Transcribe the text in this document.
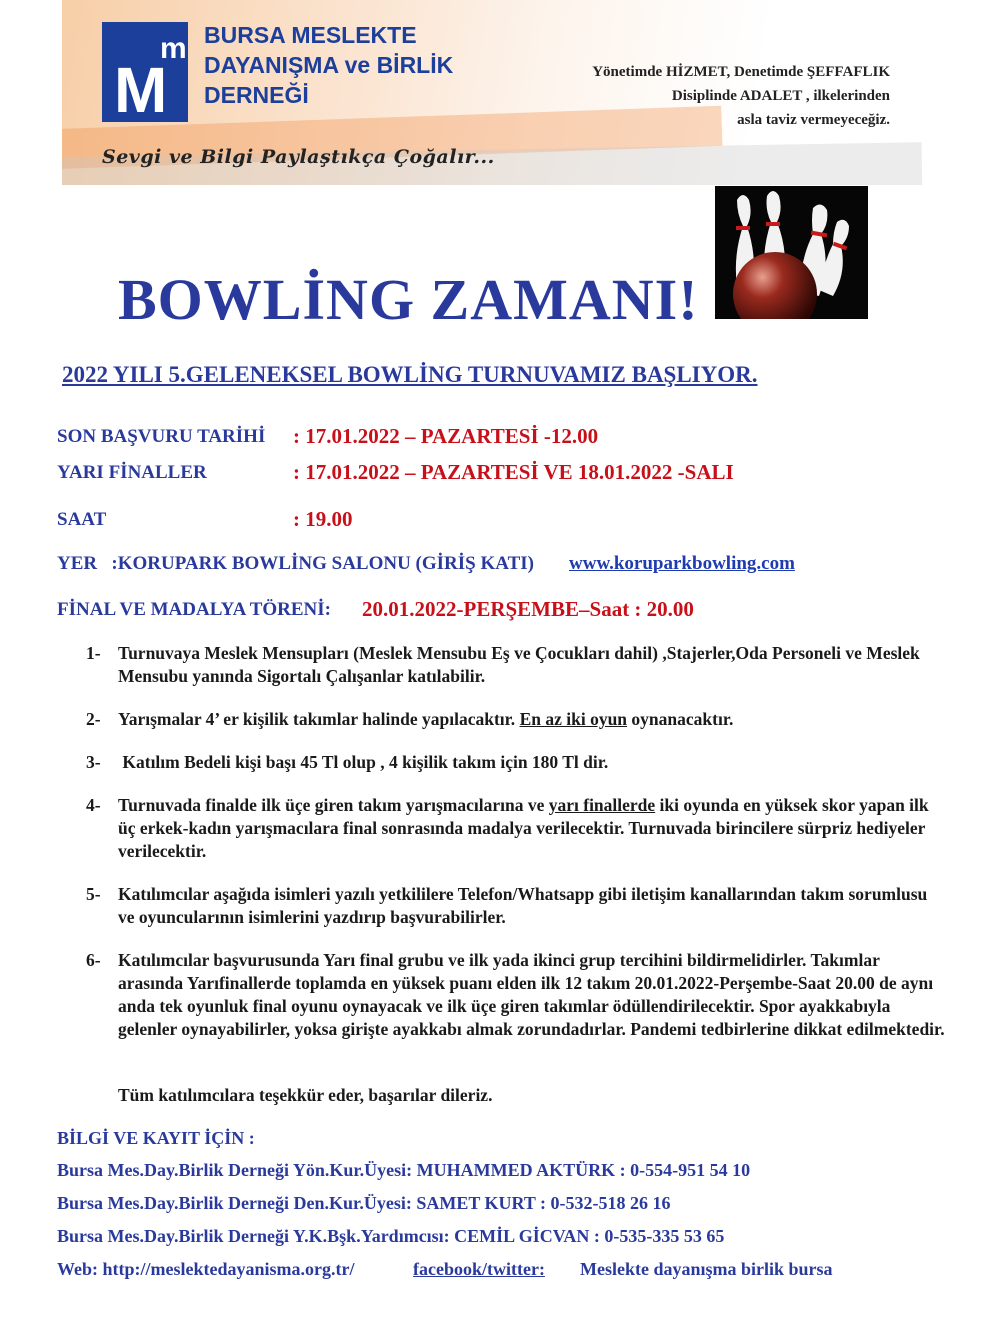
M
m BURSA MESLEKTE
DAYANIŞMA ve BİRLİK
DERNEĞİ
Yönetimde HİZMET, Denetimde ŞEFFAFLIK
Disiplinde ADALET , ilkelerinden
asla taviz vermeyeceğiz.
Sevgi ve Bilgi Paylaştıkça Çoğalır...
BOWLİNG ZAMANI!
2022 YILI 5.GELENEKSEL BOWLİNG TURNUVAMIZ BAŞLIYOR.
SON BAŞVURU TARİHİ : 17.01.2022 – PAZARTESİ -12.00
YARI FİNALLER	: 17.01.2022 – PAZARTESİ VE 18.01.2022 -SALI
SAAT	: 19.00
YER   :KORUPARK BOWLİNG SALONU (GİRİŞ KATI) www.koruparkbowling.com
FİNAL VE MADALYA TÖRENİ: 20.01.2022-PERŞEMBE–Saat : 20.00
1- Turnuvaya Meslek Mensupları (Meslek Mensubu Eş ve Çocukları dahil) ,Stajerler,Oda Personeli ve Meslek Mensubu yanında Sigortalı Çalışanlar katılabilir.
2- Yarışmalar 4’ er kişilik takımlar halinde yapılacaktır. En az iki oyun oynanacaktır.
3- Katılım Bedeli kişi başı 45 Tl olup , 4 kişilik takım için 180 Tl dir.
4- Turnuvada finalde ilk üçe giren takım yarışmacılarına ve yarı finallerde iki oyunda en yüksek skor yapan ilk üç erkek-kadın yarışmacılara final sonrasında madalya verilecektir. Turnuvada birincilere sürpriz hediyeler verilecektir.
5- Katılımcılar aşağıda isimleri yazılı yetkililere Telefon/Whatsapp gibi iletişim kanallarından takım sorumlusu ve oyuncularının isimlerini yazdırıp başvurabilirler.
6- Katılımcılar başvurusunda Yarı final grubu ve ilk yada ikinci grup tercihini bildirmelidirler. Takımlar arasında Yarıfinallerde toplamda en yüksek puanı elden ilk 12 takım 20.01.2022-Perşembe-Saat 20.00 de aynı anda tek oyunluk final oyunu oynayacak ve ilk üçe giren takımlar ödüllendirilecektir. Spor ayakkabıyla gelenler oynayabilirler, yoksa girişte ayakkabı almak zorundadırlar. Pandemi tedbirlerine dikkat edilmektedir.
Tüm katılımcılara teşekkür eder, başarılar dileriz.
BİLGİ VE KAYIT İÇİN :
Bursa Mes.Day.Birlik Derneği Yön.Kur.Üyesi: MUHAMMED AKTÜRK : 0-554-951 54 10
Bursa Mes.Day.Birlik Derneği Den.Kur.Üyesi: SAMET KURT : 0-532-518 26 16
Bursa Mes.Day.Birlik Derneği Y.K.Bşk.Yardımcısı: CEMİL GİCVAN : 0-535-335 53 65
Web: http://meslektedayanisma.org.tr/	facebook/twitter: Meslekte dayanışma birlik bursa
